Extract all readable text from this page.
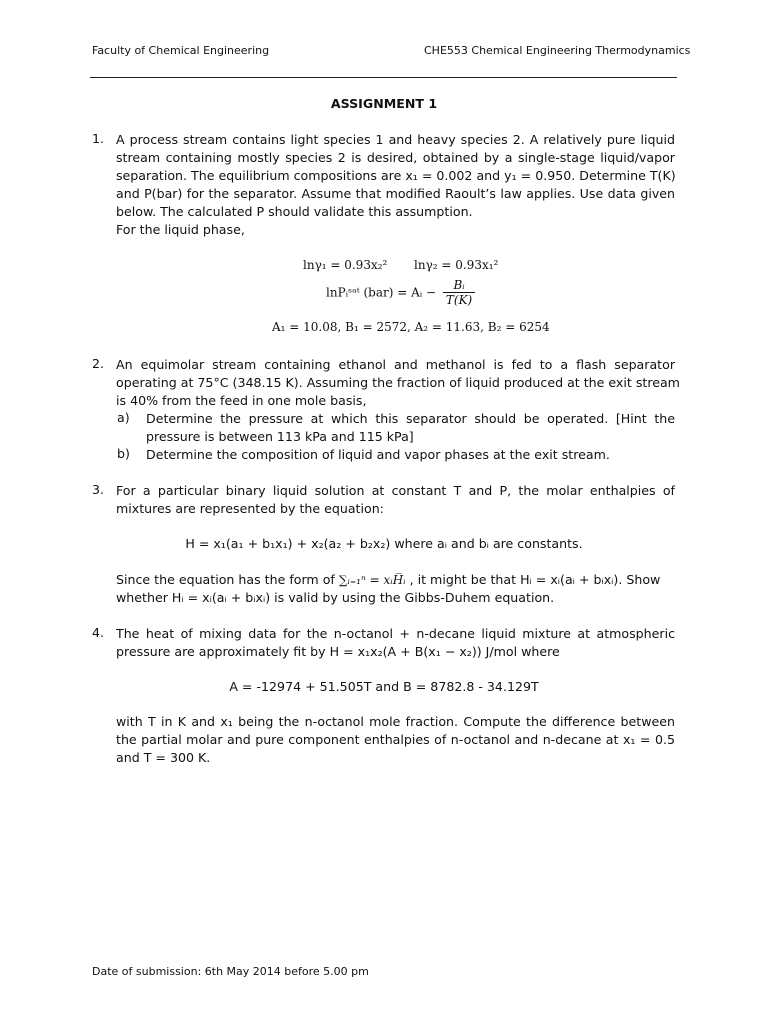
Faculty of Chemical Engineering	CHE553 Chemical Engineering Thermodynamics
ASSIGNMENT 1
1. A process stream contains light species 1 and heavy species 2. A relatively pure liquid
stream containing mostly species 2 is desired, obtained by a single-stage liquid/vapor
separation. The equilibrium compositions are x₁ = 0.002 and y₁ = 0.950. Determine T(K)
and P(bar) for the separator. Assume that modified Raoult’s law applies. Use data given
below. The calculated P should validate this assumption.
For the liquid phase,
lnγ₁ = 0.93x₂² lnγ₂ = 0.93x₁²
lnPᵢˢᵃᵗ (bar) = Aᵢ − $\frac{\text{Bᵢ}}{T(K)}$
A₁ = 10.08, B₁ = 2572, A₂ = 11.63, B₂ = 6254
2. An equimolar stream containing ethanol and methanol is fed to a flash separator
operating at 75°C (348.15 K). Assuming the fraction of liquid produced at the exit stream
is 40% from the feed in one mole basis,
a) Determine the pressure at which this separator should be operated. [Hint the
pressure is between 113 kPa and 115 kPa]
b) Determine the composition of liquid and vapor phases at the exit stream.
3. For a particular binary liquid solution at constant T and P, the molar enthalpies of
mixtures are represented by the equation:
H = x₁(a₁ + b₁x₁) + x₂(a₂ + b₂x₂) where aᵢ and bᵢ are constants.
Since the equation has the form of ∑ᵢ₌₁ⁿ = xᵢH̅ᵢ , it might be that Hᵢ = xᵢ(aᵢ + bᵢxᵢ). Show
whether Hᵢ = xᵢ(aᵢ + bᵢxᵢ) is valid by using the Gibbs-Duhem equation.
4. The heat of mixing data for the n-octanol + n-decane liquid mixture at atmospheric
pressure are approximately fit by H = x₁x₂(A + B(x₁ − x₂)) J/mol where
A = -12974 + 51.505T and B = 8782.8 - 34.129T
with T in K and x₁ being the n-octanol mole fraction. Compute the difference between
the partial molar and pure component enthalpies of n-octanol and n-decane at x₁ = 0.5
and T = 300 K.
Date of submission: 6th May 2014 before 5.00 pm
